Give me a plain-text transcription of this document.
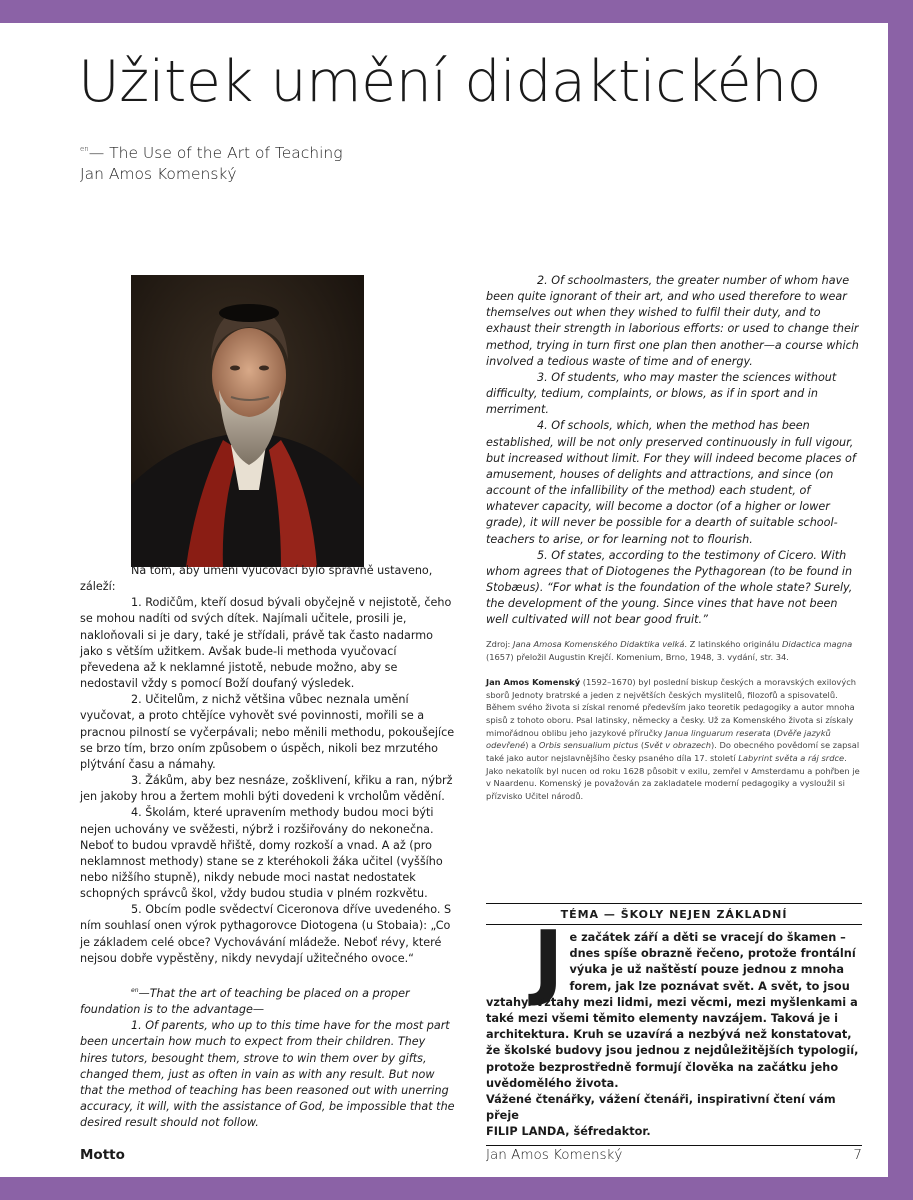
Užitek umění didaktického
$^{en}$— The Use of the Art of Teaching
Jan Amos Komenský

Na tom, aby umění vyučovací bylo správně ustaveno, záleží:

1. Rodičům, kteří dosud bývali obyčejně v nejistotě, čeho se mohou nadíti od svých dítek. Najímali učitele, prosili je, nakloňovali si je dary, také je střídali, právě tak často nadarmo jako s větším užitkem. Avšak bude-li methoda vyučovací převedena až k neklamné jistotě, nebude možno, aby se nedostavil vždy s pomocí Boží doufaný výsledek.

2. Učitelům, z nichž většina vůbec neznala umění vyučovat, a proto chtějíce vyhovět své povinnosti, mořili se a pracnou pilností se vyčerpávali; nebo měnili methodu, pokoušejíce se brzo tím, brzo oním způsobem o úspěch, nikoli bez mrzutého plýtvání času a námahy.

3. Žákům, aby bez nesnáze, zošklivení, křiku a ran, nýbrž jen jakoby hrou a žertem mohli býti dovedeni k vrcholům vědění.

4. Školám, které upravením methody budou moci býti nejen uchovány ve svěžesti, nýbrž i rozšiřovány do nekonečna. Neboť to budou vpravdě hřiště, domy rozkoší a vnad. A až (pro neklamnost methody) stane se z kteréhokoli žáka učitel (vyššího nebo nižšího stupně), nikdy nebude moci nastat nedostatek schopných správců škol, vždy budou studia v plném rozkvětu.

5. Obcím podle svědectví Ciceronova dříve uvedeného. S ním souhlasí onen výrok pythagorovce Diotogena (u Stobaia): „Co je základem celé obce? Vychovávání mládeže. Neboť révy, které nejsou dobře vypěstěny, nikdy nevydají užitečného ovoce.“

$^{en}$—That the art of teaching be placed on a proper foundation is to the advantage—

1. Of parents, who up to this time have for the most part been uncertain how much to expect from their children. They hires tutors, besought them, strove to win them over by gifts, changed them, just as often in vain as with any result. But now that the method of teaching has been reasoned out with unerring accuracy, it will, with the assistance of God, be impossible that the desired result should not follow.

2. Of schoolmasters, the greater number of whom have been quite ignorant of their art, and who used therefore to wear themselves out when they wished to fulfil their duty, and to exhaust their strength in laborious efforts: or used to change their method, trying in turn first one plan then another—a course which involved a tedious waste of time and of energy.

3. Of students, who may master the sciences without difficulty, tedium, complaints, or blows, as if in sport and in merriment.

4. Of schools, which, when the method has been established, will be not only preserved continuously in full vigour, but increased without limit. For they will indeed become places of amusement, houses of delights and attractions, and since (on account of the infallibility of the method) each student, of whatever capacity, will become a doctor (of a higher or lower grade), it will never be possible for a dearth of suitable school-teachers to arise, or for learning not to flourish.

5. Of states, according to the testimony of Cicero. With whom agrees that of Diotogenes the Pythagorean (to be found in Stobæus). “For what is the foundation of the whole state? Surely, the development of the young. Since vines that have not been well cultivated will not bear good fruit.”

Zdroj: Jana Amosa Komenského Didaktika velká. Z latinského originálu Didactica magna (1657) přeložil Augustin Krejčí. Komenium, Brno, 1948, 3. vydání, str. 34.

Jan Amos Komenský (1592–1670) byl poslední biskup českých a moravských exilových sborů Jednoty bratrské a jeden z největších českých myslitelů, filozofů a spisovatelů. Během svého života si získal renomé především jako teoretik pedagogiky a autor mnoha spisů z tohoto oboru. Psal latinsky, německy a česky. Už za Komenského života si získaly mimořádnou oblibu jeho jazykové příručky Janua linguarum reserata (Dvěře jazyků odevřené) a Orbis sensualium pictus (Svět v obrazech). Do obecného povědomí se zapsal také jako autor nejslavnějšího česky psaného díla 17. století Labyrint světa a ráj srdce. Jako nekatolík byl nucen od roku 1628 působit v exilu, zemřel v Amsterdamu a pohřben je v Naardenu. Komenský je považován za zakladatele moderní pedagogiky a vysloužil si přízvisko Učitel národů.

TÉMA — ŠKOLY NEJEN ZÁKLADNÍ
Je začátek září a děti se vracejí do škamen – dnes spíše obrazně řečeno, protože frontální výuka je už naštěstí pouze jednou z mnoha forem, jak lze poznávat svět. A svět, to jsou vztahy. Vztahy mezi lidmi, mezi věcmi, mezi myšlenkami a také mezi všemi těmito elementy navzájem. Taková je i architektura. Kruh se uzavírá a nezbývá než konstatovat, že školské budovy jsou jednou z nejdůležitějších typologií, protože bezprostředně formují člověka na začátku jeho uvědomělého života.
Vážené čtenářky, vážení čtenáři, inspirativní čtení vám přeje
FILIP LANDA, šéfredaktor.
Motto	Jan Amos Komenský	7
